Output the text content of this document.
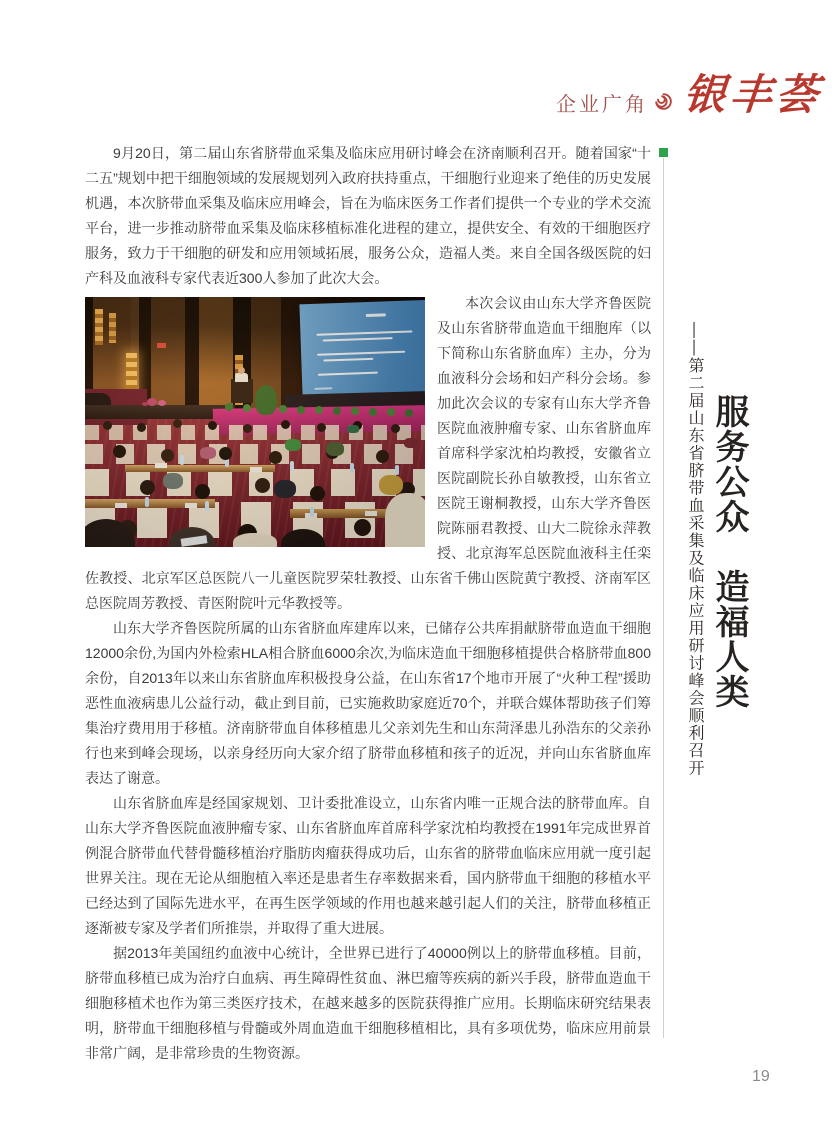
企业广角 银丰荟

9月20日，第二届山东省脐带血采集及临床应用研讨峰会在济南顺利召开。随着国家“十二五”规划中把干细胞领域的发展规划列入政府扶持重点，干细胞行业迎来了绝佳的历史发展机遇，本次脐带血采集及临床应用峰会，旨在为临床医务工作者们提供一个专业的学术交流平台，进一步推动脐带血采集及临床移植标准化进程的建立，提供安全、有效的干细胞医疗服务，致力于干细胞的研发和应用领域拓展，服务公众，造福人类。来自全国各级医院的妇产科及血液科专家代表近300人参加了此次大会。

本次会议由山东大学齐鲁医院及山东省脐带血造血干细胞库（以下简称山东省脐血库）主办，分为血液科分会场和妇产科分会场。参加此次会议的专家有山东大学齐鲁医院血液肿瘤专家、山东省脐血库首席科学家沈柏均教授，安徽省立医院副院长孙自敏教授，山东省立医院王谢桐教授，山东大学齐鲁医院陈丽君教授、山大二院徐永萍教授、北京海军总医院血液科主任栾佐教授、北京军区总医院八一儿童医院罗荣牡教授、山东省千佛山医院黄宁教授、济南军区总医院周芳教授、青医附院叶元华教授等。

山东大学齐鲁医院所属的山东省脐血库建库以来，已储存公共库捐献脐带血造血干细胞12000余份,为国内外检索HLA相合脐血6000余次,为临床造血干细胞移植提供合格脐带血800余份，自2013年以来山东省脐血库积极投身公益，在山东省17个地市开展了“火种工程”援助恶性血液病患儿公益行动，截止到目前，已实施救助家庭近70个，并联合媒体帮助孩子们筹集治疗费用用于移植。济南脐带血自体移植患儿父亲刘先生和山东菏泽患儿孙浩东的父亲孙行也来到峰会现场，以亲身经历向大家介绍了脐带血移植和孩子的近况，并向山东省脐血库表达了谢意。

山东省脐血库是经国家规划、卫计委批准设立，山东省内唯一正规合法的脐带血库。自山东大学齐鲁医院血液肿瘤专家、山东省脐血库首席科学家沈柏均教授在1991年完成世界首例混合脐带血代替骨髓移植治疗脂肪肉瘤获得成功后，山东省的脐带血临床应用就一度引起世界关注。现在无论从细胞植入率还是患者生存率数据来看，国内脐带血干细胞的移植水平已经达到了国际先进水平，在再生医学领域的作用也越来越引起人们的关注，脐带血移植正逐渐被专家及学者们所推崇，并取得了重大进展。

据2013年美国纽约血液中心统计，全世界已进行了40000例以上的脐带血移植。目前，脐带血移植已成为治疗白血病、再生障碍性贫血、淋巴瘤等疾病的新兴手段，脐带血造血干细胞移植术也作为第三类医疗技术，在越来越多的医院获得推广应用。长期临床研究结果表明，脐带血干细胞移植与骨髓或外周血造血干细胞移植相比，具有多项优势，临床应用前景非常广阔，是非常珍贵的生物资源。

——第二届山东省脐带血采集及临床应用研讨峰会顺利召开 服务公众　造福人类
19
